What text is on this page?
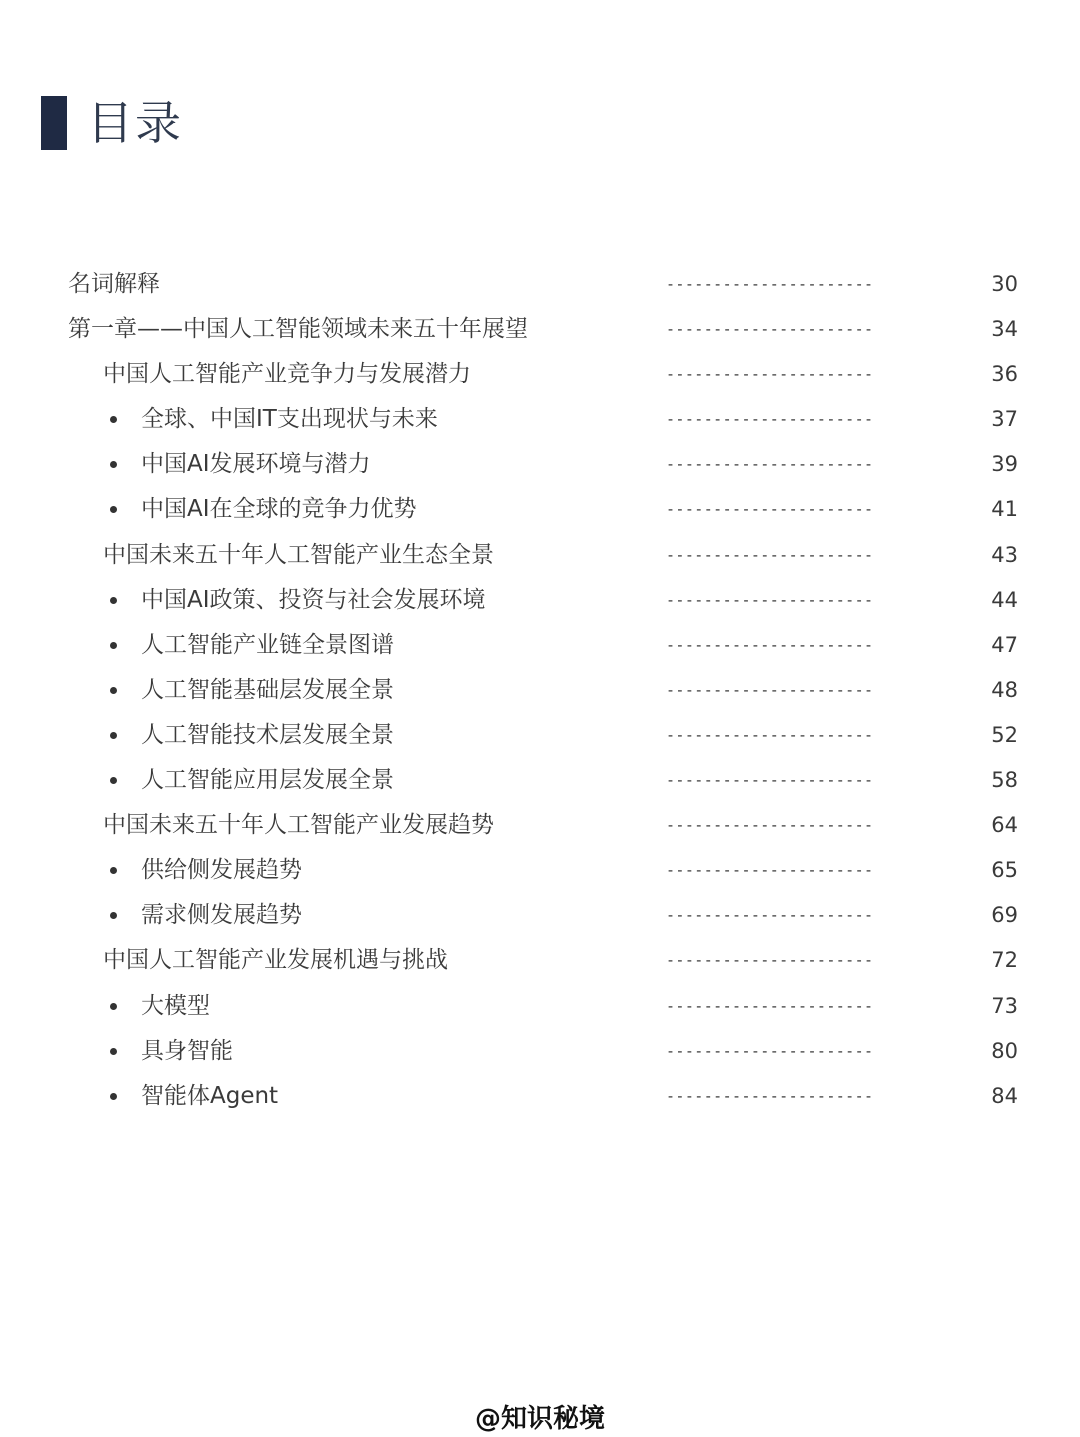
目录
名词解释	----------------------	30
第一章——中国人工智能领域未来五十年展望	----------------------	34
中国人工智能产业竞争力与发展潜力	----------------------	36
全球、中国IT支出现状与未来	----------------------	37
中国AI发展环境与潜力	----------------------	39
中国AI在全球的竞争力优势	----------------------	41
中国未来五十年人工智能产业生态全景	----------------------	43
中国AI政策、投资与社会发展环境	----------------------	44
人工智能产业链全景图谱	----------------------	47
人工智能基础层发展全景	----------------------	48
人工智能技术层发展全景	----------------------	52
人工智能应用层发展全景	----------------------	58
中国未来五十年人工智能产业发展趋势	----------------------	64
供给侧发展趋势	----------------------	65
需求侧发展趋势	----------------------	69
中国人工智能产业发展机遇与挑战	----------------------	72
大模型	----------------------	73
具身智能	----------------------	80
智能体Agent	----------------------	84
@知识秘境
